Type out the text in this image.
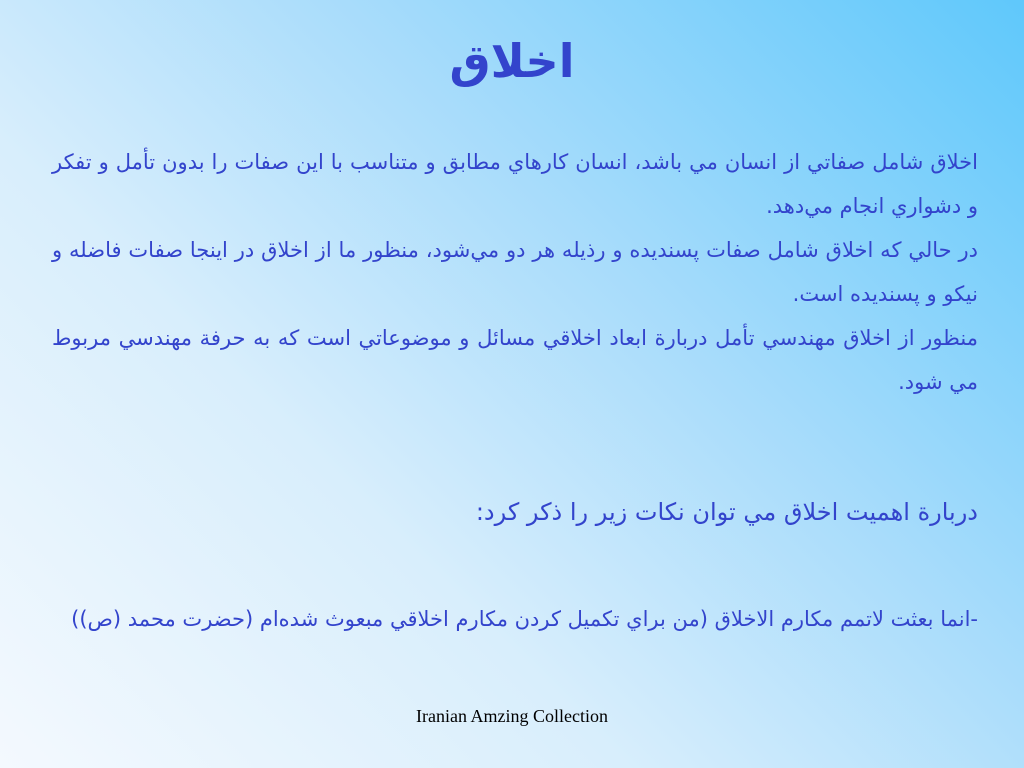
اخلاق

اخلاق شامل صفاتي از انسان مي باشد، انسان كارهاي مطابق و متناسب با اين صفات را بدون تأمل و تفكر و دشواري انجام مي‌دهد.

در حالي كه اخلاق شامل صفات پسنديده و رذيله هر دو مي‌شود، منظور ما از اخلاق در اينجا صفات فاضله و نيكو و پسنديده است.

منظور از اخلاق مهندسي تأمل دربارة ابعاد اخلاقي مسائل و موضوعاتي است كه به حرفة مهندسي مربوط مي شود.

دربارة اهميت اخلاق مي توان نكات زير را ذكر كرد:

-انما بعثت لاتمم مكارم الاخلاق (من براي تكميل كردن مكارم اخلاقي مبعوث شده‌ام (حضرت محمد (ص))

Iranian Amzing Collection
